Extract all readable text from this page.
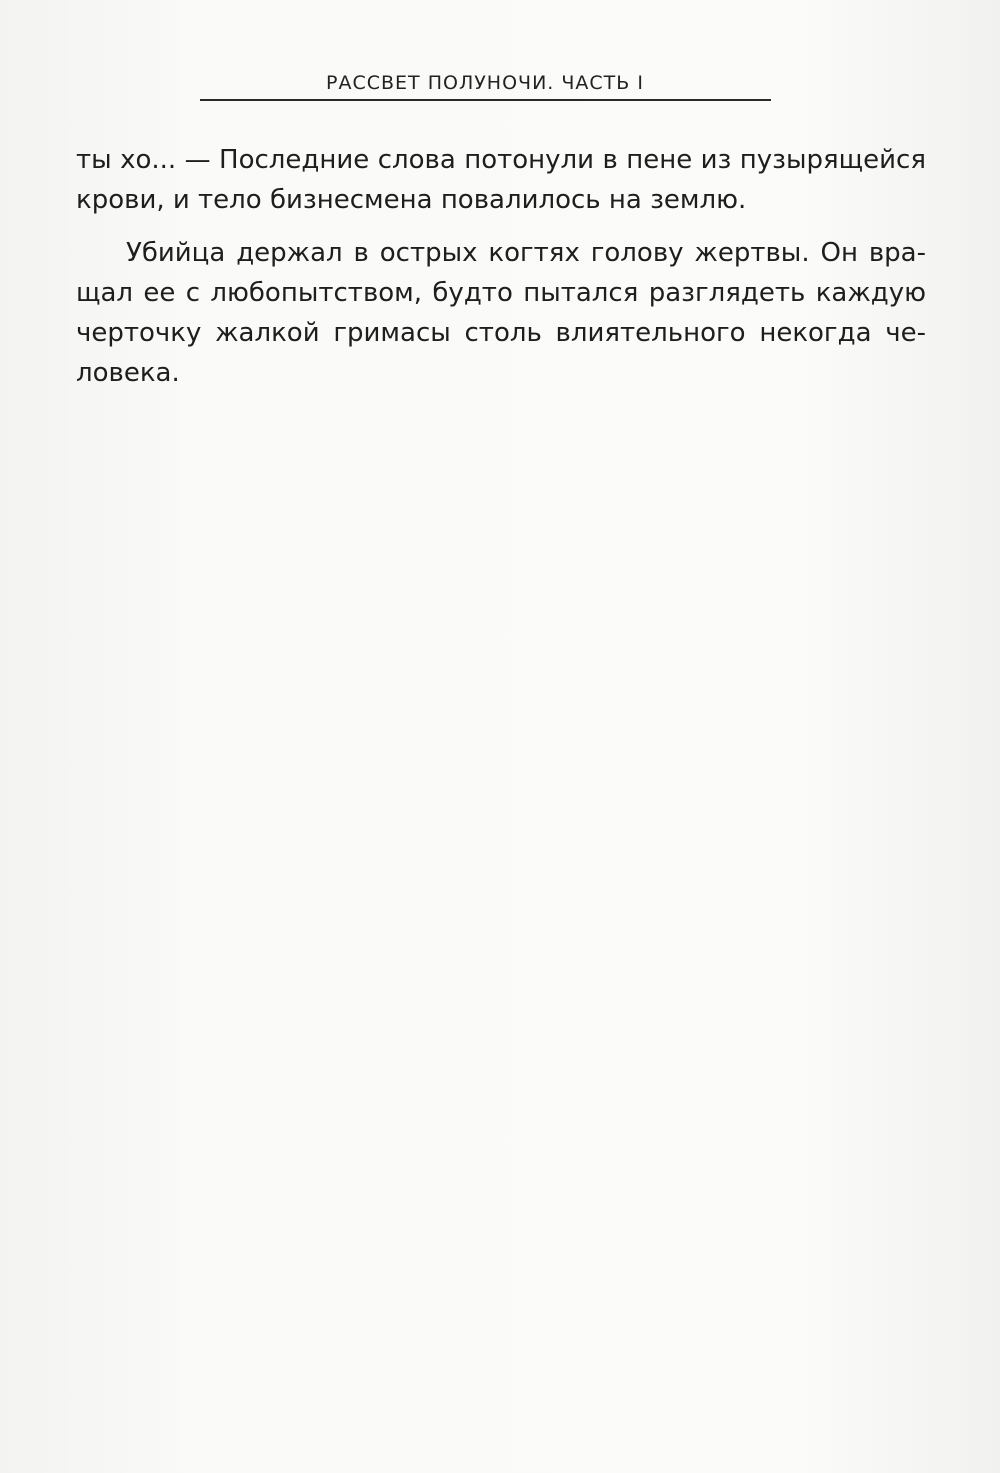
РАССВЕТ ПОЛУНОЧИ. ЧАСТЬ I

ты хо... — Последние слова потонули в пене из пузырящейся крови, и тело бизнесмена повалилось на землю.

Убийца держал в острых когтях голову жертвы. Он вращал ее с любопытством, будто пытался разглядеть каждую черточку жалкой гримасы столь влиятельного некогда человека.
